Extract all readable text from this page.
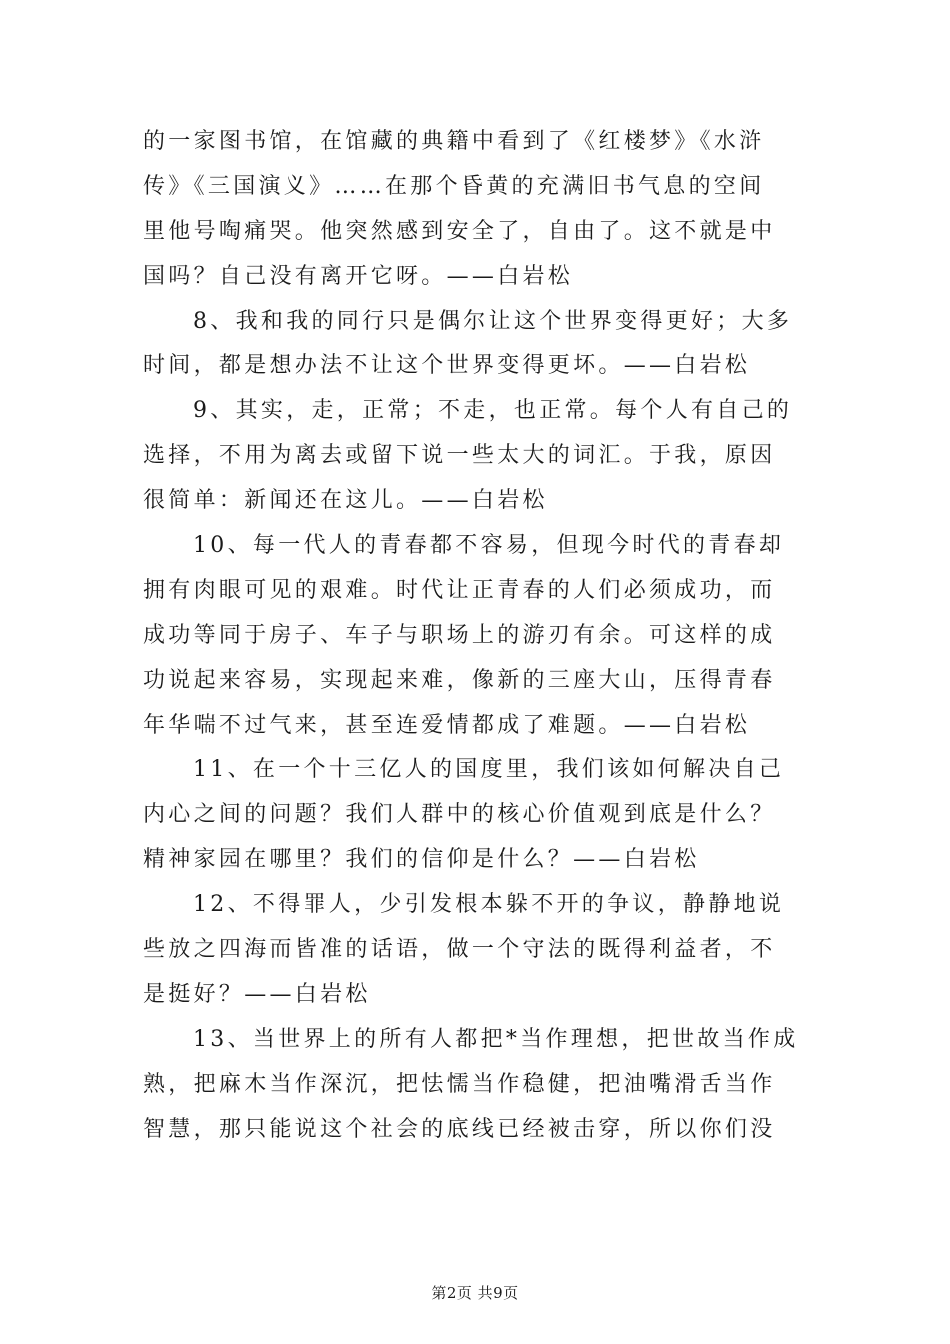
的一家图书馆，在馆藏的典籍中看到了《红楼梦》《水浒
传》《三国演义》……在那个昏黄的充满旧书气息的空间
里他号啕痛哭。他突然感到安全了，自由了。这不就是中
国吗？自己没有离开它呀。——白岩松
8、我和我的同行只是偶尔让这个世界变得更好；大多
时间，都是想办法不让这个世界变得更坏。——白岩松
9、其实，走，正常；不走，也正常。每个人有自己的
选择，不用为离去或留下说一些太大的词汇。于我，原因
很简单：新闻还在这儿。——白岩松
10、每一代人的青春都不容易，但现今时代的青春却
拥有肉眼可见的艰难。时代让正青春的人们必须成功，而
成功等同于房子、车子与职场上的游刃有余。可这样的成
功说起来容易，实现起来难，像新的三座大山，压得青春
年华喘不过气来，甚至连爱情都成了难题。——白岩松
11、在一个十三亿人的国度里，我们该如何解决自己
内心之间的问题？我们人群中的核心价值观到底是什么？
精神家园在哪里？我们的信仰是什么？——白岩松
12、不得罪人，少引发根本躲不开的争议，静静地说
些放之四海而皆准的话语，做一个守法的既得利益者，不
是挺好？——白岩松
13、当世界上的所有人都把*当作理想，把世故当作成
熟，把麻木当作深沉，把怯懦当作稳健，把油嘴滑舌当作
智慧，那只能说这个社会的底线已经被击穿，所以你们没
第2页 共9页
